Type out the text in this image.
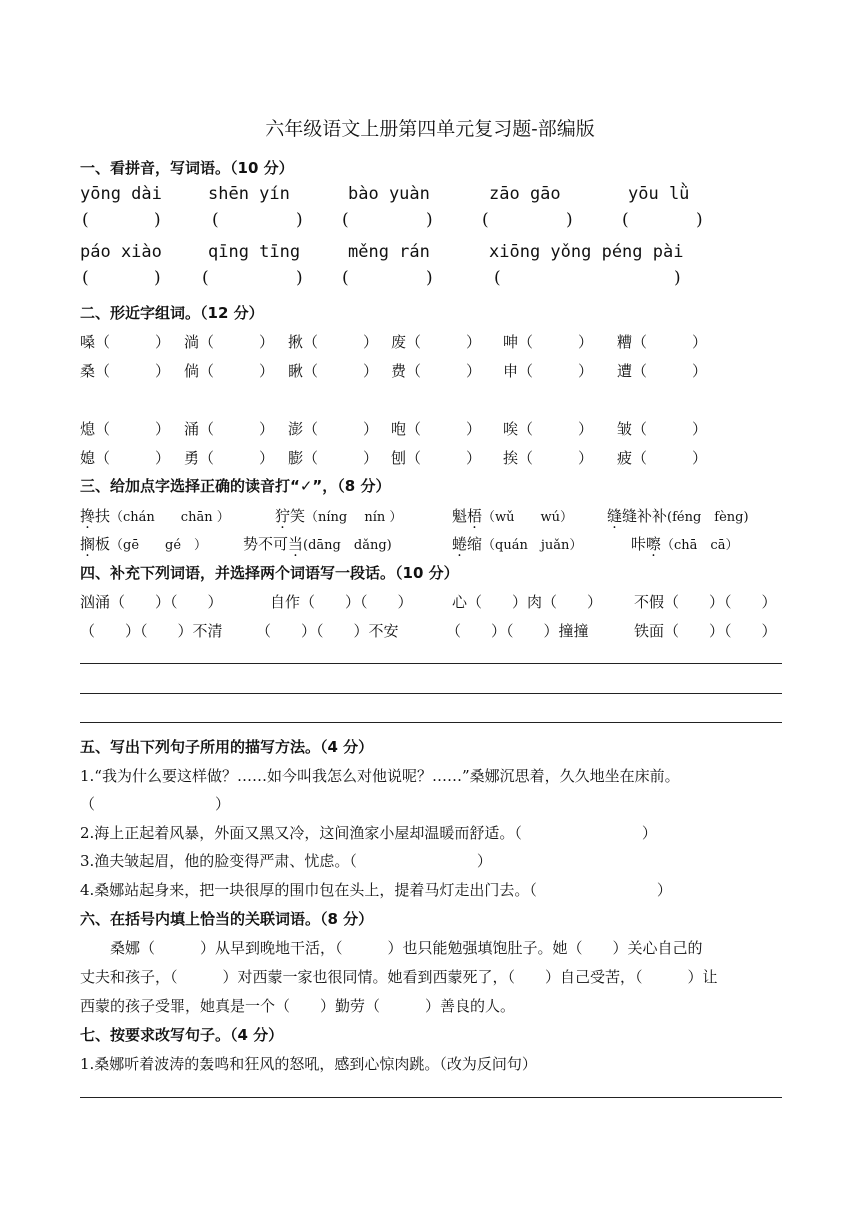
六年级语文上册第四单元复习题-部编版
一、看拼音，写词语。（10 分）
yōng dài	shēn yín	bào yuàn	zāo gāo	yōu lǜ
(	)	(	) (	)	(	)	(	)
páo xiào	qīng tīng	měng rán	xiōng yǒng péng pài
(	) (	) (	)	(	)
二、形近字组词。（12 分）
嗓（　　　） 淌（　　　） 揪（　　　） 废（　　　） 呻（　　　） 糟（　　　）
桑（　　　） 倘（　　　） 瞅（　　　） 费（　　　） 申（　　　） 遭（　　　）
熄（　　　） 涌（　　　） 澎（　　　） 咆（　　　） 唉（　　　） 皱（　　　）
媳（　　　） 勇（　　　） 膨（　　　） 刨（　　　） 挨（　　　） 疲（　　　）
三、给加点字选择正确的读音打“✓”，（8 分）
搀扶（chán　　chān ）	狞笑（níng　 nín ）	魁梧（wǔ　　wú） 缝缝补补(féng　fèng)
搁板（gē　　gé　） 势不可当(dāng　dǎng)	蜷缩（quán　juǎn）	咔嚓（chā　cā）
四、补充下列词语，并选择两个词语写一段话。（10 分）
汹涌（　　）（　　）	自作（　　）（　　）	心（　　）肉（　　） 不假（　　）（　　）
（　　）（　　）不清 （　　）（　　）不安	（　　）（　　）撞撞	铁面（　　）（　　）
五、写出下列句子所用的描写方法。（4 分）
1.“我为什么要这样做？……如今叫我怎么对他说呢？……”桑娜沉思着，久久地坐在床前。
（　　　　　　　　）
2.海上正起着风暴，外面又黑又冷，这间渔家小屋却温暖而舒适。（　　　　　　　　）
3.渔夫皱起眉，他的脸变得严肃、忧虑。（　　　　　　　　）
4.桑娜站起身来，把一块很厚的围巾包在头上，提着马灯走出门去。（　　　　　　　　）
六、在括号内填上恰当的关联词语。（8 分）
　　桑娜（　　　）从早到晚地干活，（　　　）也只能勉强填饱肚子。她（　　）关心自己的
丈夫和孩子，（　　　）对西蒙一家也很同情。她看到西蒙死了，（　　）自己受苦，（　　　）让
西蒙的孩子受罪，她真是一个（　　）勤劳（　　　）善良的人。
七、按要求改写句子。（4 分）
1.桑娜听着波涛的轰鸣和狂风的怒吼，感到心惊肉跳。（改为反问句）
